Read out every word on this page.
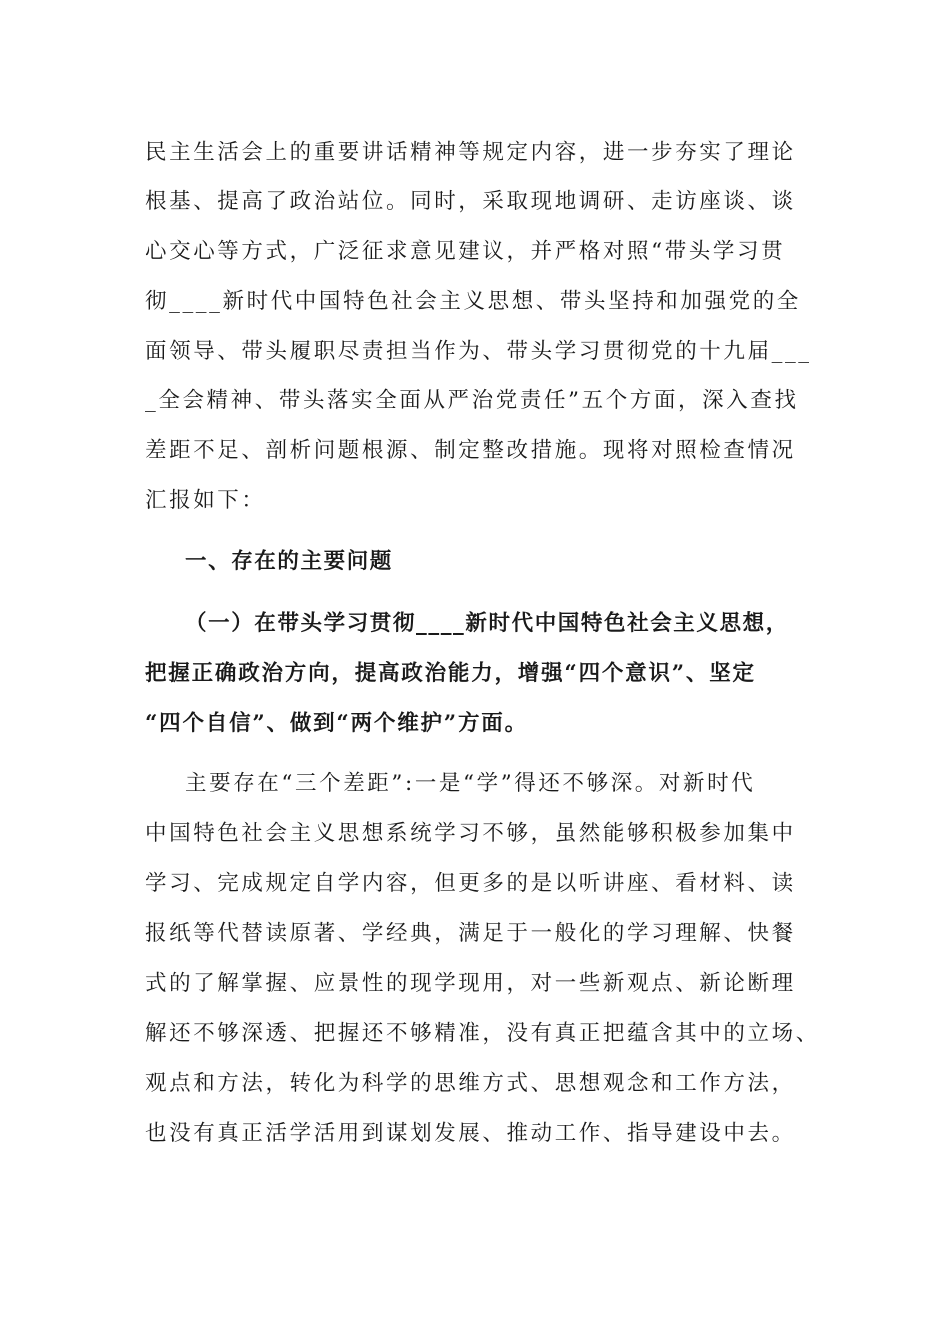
民主生活会上的重要讲话精神等规定内容，进一步夯实了理论
根基、提高了政治站位。同时，采取现地调研、走访座谈、谈
心交心等方式，广泛征求意见建议，并严格对照“带头学习贯
彻____新时代中国特色社会主义思想、带头坚持和加强党的全
面领导、带头履职尽责担当作为、带头学习贯彻党的十九届___
_全会精神、带头落实全面从严治党责任”五个方面，深入查找
差距不足、剖析问题根源、制定整改措施。现将对照检查情况
汇报如下：
一、存在的主要问题
（一）在带头学习贯彻____新时代中国特色社会主义思想，
把握正确政治方向，提高政治能力，增强“四个意识”、坚定
“四个自信”、做到“两个维护”方面。
主要存在“三个差距”:一是“学”得还不够深。对新时代
中国特色社会主义思想系统学习不够，虽然能够积极参加集中
学习、完成规定自学内容，但更多的是以听讲座、看材料、读
报纸等代替读原著、学经典，满足于一般化的学习理解、快餐
式的了解掌握、应景性的现学现用，对一些新观点、新论断理
解还不够深透、把握还不够精准，没有真正把蕴含其中的立场、
观点和方法，转化为科学的思维方式、思想观念和工作方法，
也没有真正活学活用到谋划发展、推动工作、指导建设中去。
